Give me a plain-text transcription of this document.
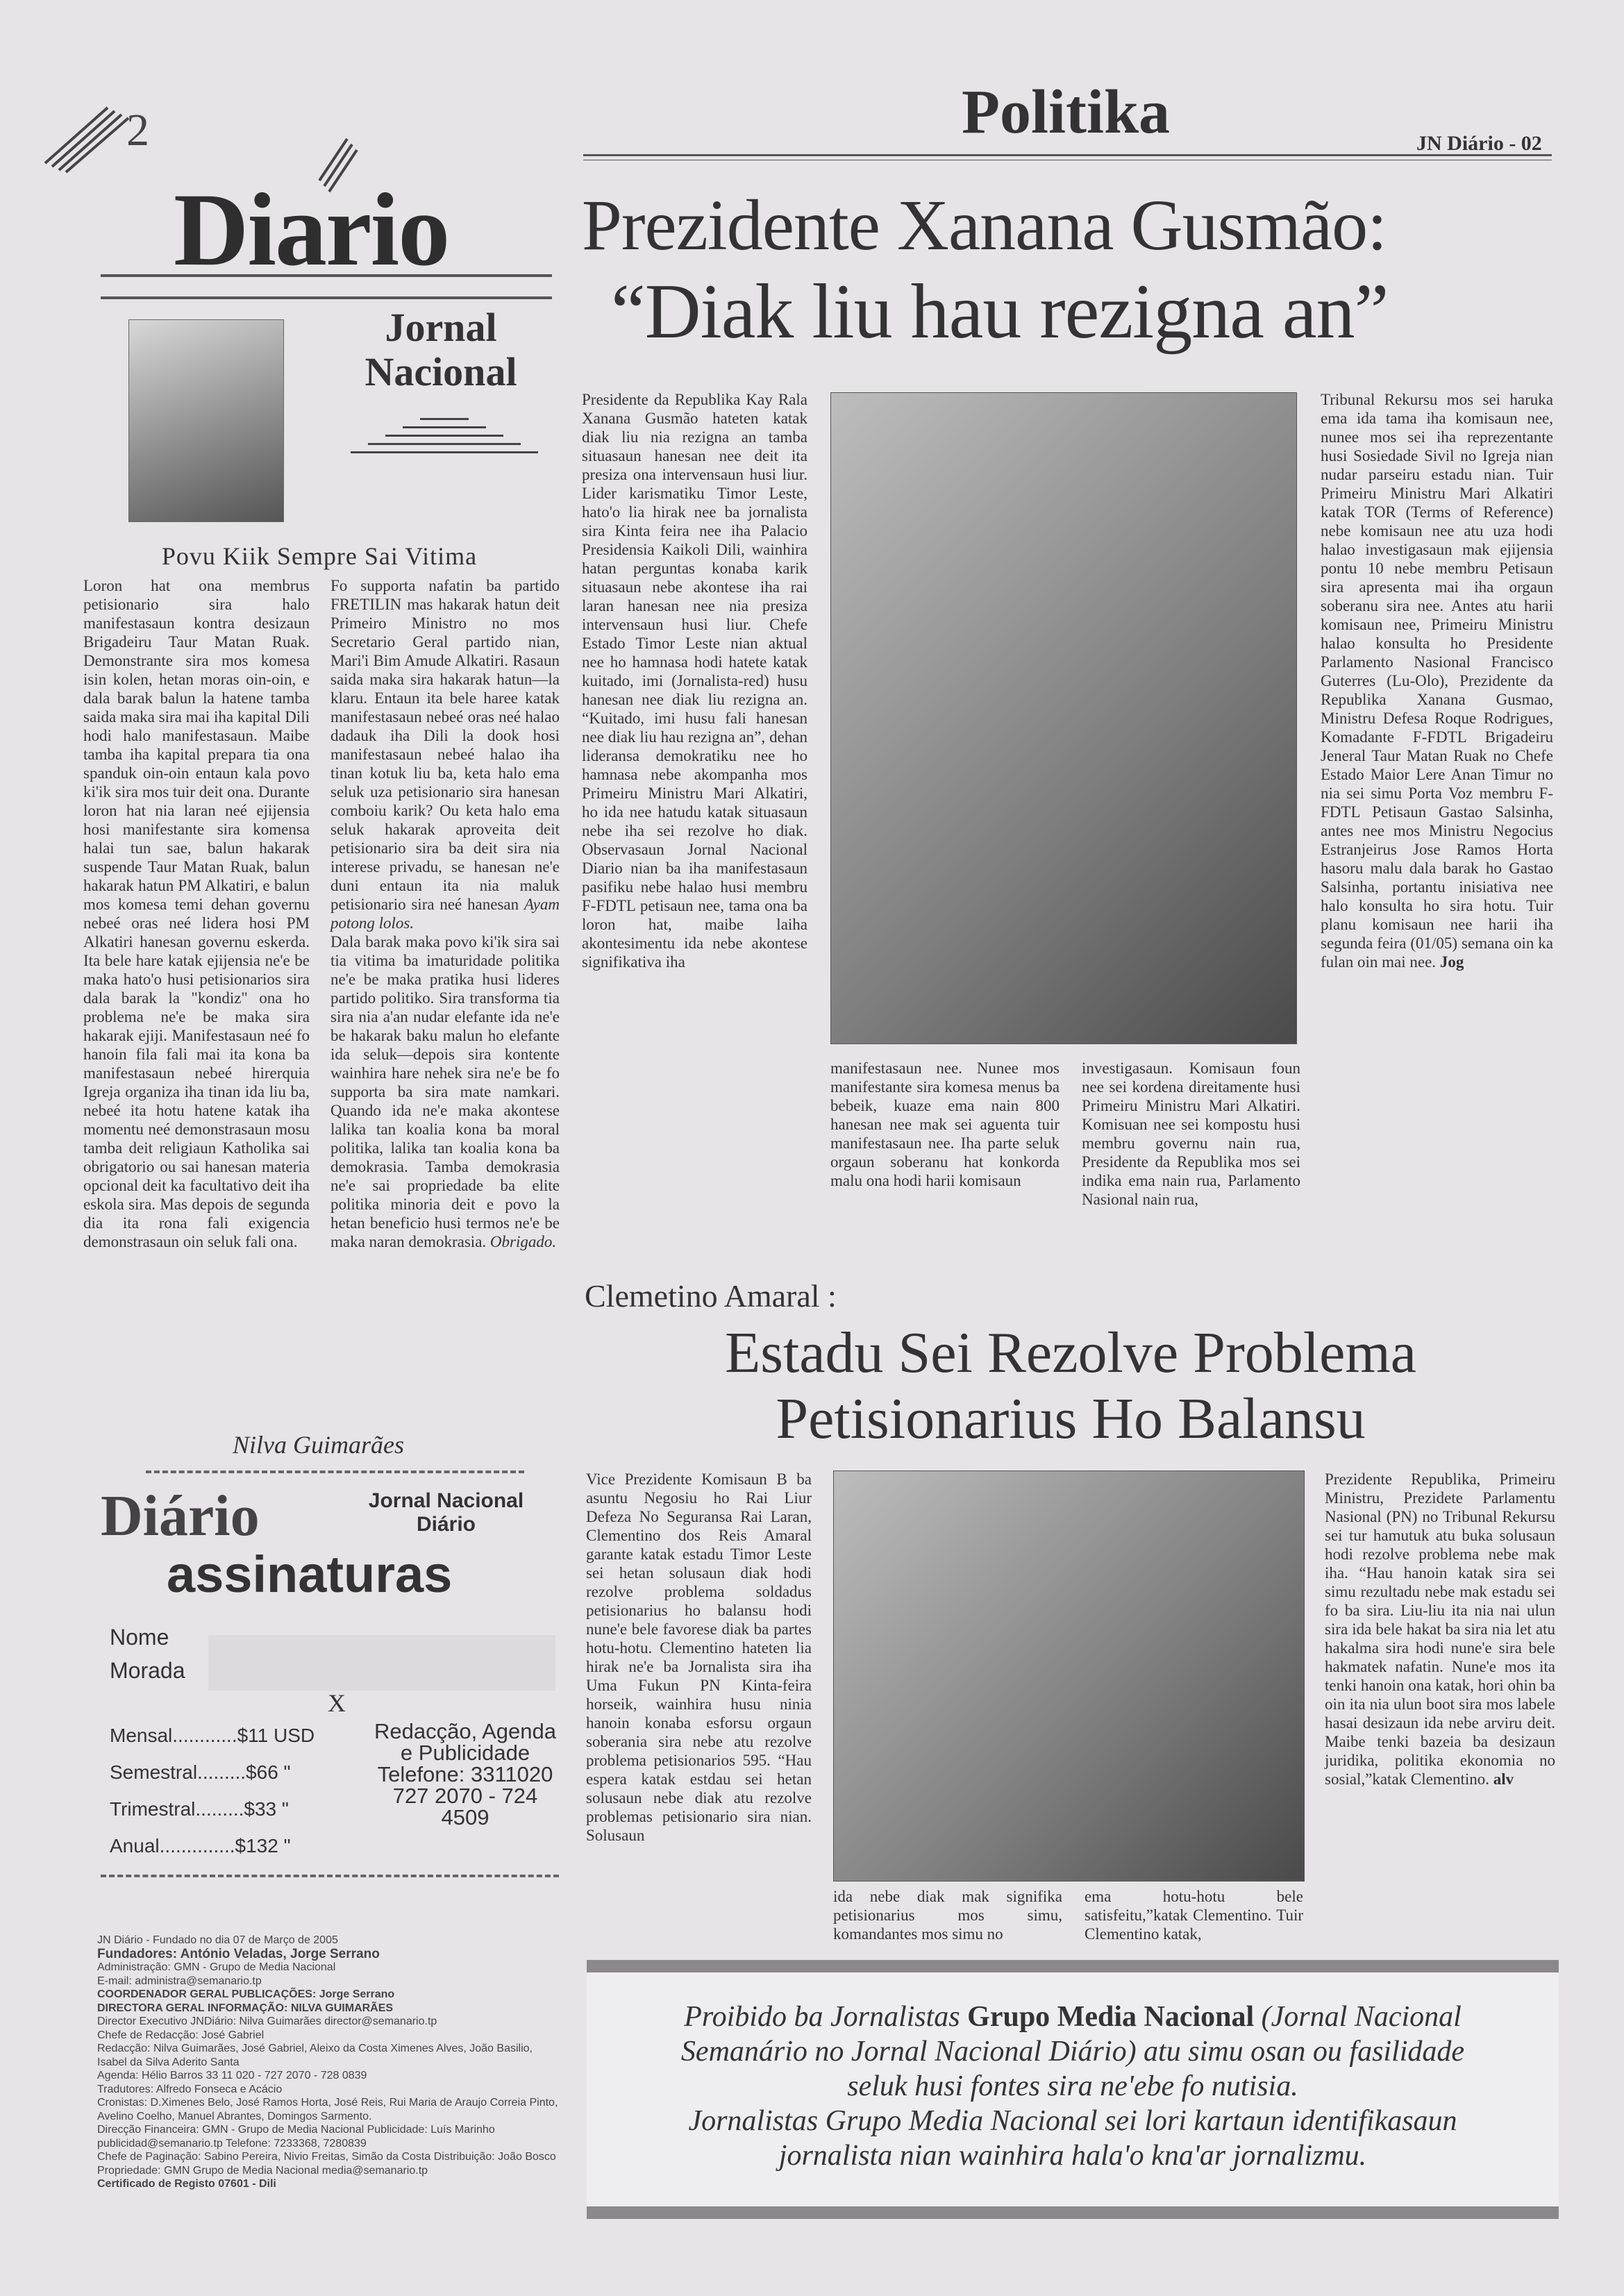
2	Politika	JN Diário - 02
Diario
Jornal Nacional
Povu Kiik Sempre Sai Vitima
Loron hat ona membrus petisionario sira halo manifestasaun kontra desizaun Brigadeiru Taur Matan Ruak. Demonstrante sira mos komesa isin kolen, hetan moras oin-oin, e dala barak balun la hatene tamba saida maka sira mai iha kapital Dili hodi halo manifestasaun. Maibe tamba iha kapital prepara tia ona spanduk oin-oin entaun kala povo ki'ik sira mos tuir deit ona. Durante loron hat nia laran neé ejijensia hosi manifestante sira komensa halai tun sae, balun hakarak suspende Taur Matan Ruak, balun hakarak hatun PM Alkatiri, e balun mos komesa temi dehan governu nebeé oras neé lidera hosi PM Alkatiri hanesan governu eskerda. Ita bele hare katak ejijensia ne'e be maka hato'o husi petisionarios sira dala barak la "kondiz" ona ho problema ne'e be maka sira hakarak ejiji. Manifestasaun neé fo hanoin fila fali mai ita kona ba manifestasaun nebeé hirerquia Igreja organiza iha tinan ida liu ba, nebeé ita hotu hatene katak iha momentu neé demonstrasaun mosu tamba deit religiaun Katholika sai obrigatorio ou sai hanesan materia opcional deit ka facultativo deit iha eskola sira. Mas depois de segunda dia ita rona fali exigencia demonstrasaun oin seluk fali ona.
Fo supporta nafatin ba partido FRETILIN mas hakarak hatun deit Primeiro Ministro no mos Secretario Geral partido nian, Mari'i Bim Amude Alkatiri. Rasaun saida maka sira hakarak hatun—la klaru. Entaun ita bele haree katak manifestasaun nebeé oras neé halao dadauk iha Dili la dook hosi manifestasaun nebeé halao iha tinan kotuk liu ba, keta halo ema seluk uza petisionario sira hanesan comboiu karik? Ou keta halo ema seluk hakarak aproveita deit petisionario sira ba deit sira nia interese privadu, se hanesan ne'e duni entaun ita nia maluk petisionario sira neé hanesan Ayam potong lolos.
Dala barak maka povo ki'ik sira sai tia vitima ba imaturidade politika ne'e be maka pratika husi lideres partido politiko. Sira transforma tia sira nia a'an nudar elefante ida ne'e be hakarak baku malun ho elefante ida seluk—depois sira kontente wainhira hare nehek sira ne'e be fo supporta ba sira mate namkari. Quando ida ne'e maka akontese lalika tan koalia kona ba moral politika, lalika tan koalia kona ba demokrasia. Tamba demokrasia ne'e sai propriedade ba elite politika minoria deit e povo la hetan beneficio husi termos ne'e be maka naran demokrasia. Obrigado.
Nilva Guimarães
Diário	Jornal Nacional Diário
assinaturas
Nome
Morada
X
Mensal............$11 USD
Semestral.........$66 "
Trimestral.........$33 "
Anual..............$132 "
Redacção, Agenda e Publicidade Telefone: 3311020 727 2070 - 724 4509
JN Diário - Fundado no dia 07 de Março de 2005
Fundadores: António Veladas, Jorge Serrano
Administração: GMN - Grupo de Media Nacional
E-mail: administra@semanario.tp
COORDENADOR GERAL PUBLICAÇÕES: Jorge Serrano
DIRECTORA GERAL INFORMAÇÃO: NILVA GUIMARÃES
Director Executivo JNDiário: Nilva Guimarães director@semanario.tp
Chefe de Redacção: José Gabriel
Redacção: Nilva Guimarães, José Gabriel, Aleixo da Costa Ximenes Alves, João Basilio, Isabel da Silva Aderito Santa
Agenda: Hélio Barros 33 11 020 - 727 2070 - 728 0839
Tradutores: Alfredo Fonseca e Acácio
Cronistas: D.Ximenes Belo, José Ramos Horta, José Reis, Rui Maria de Araujo Correia Pinto, Avelino Coelho, Manuel Abrantes, Domingos Sarmento.
Direcção Financeira: GMN - Grupo de Media Nacional Publicidade: Luís Marinho publicidad@semanario.tp Telefone: 7233368, 7280839
Chefe de Paginação: Sabino Pereira, Nivio Freitas, Simão da Costa Distribuição: João Bosco Propriedade: GMN Grupo de Media Nacional media@semanario.tp
Certificado de Registo 07601 - Dili
Prezidente Xanana Gusmão:
“Diak liu hau rezigna an”
Presidente da Republika Kay Rala Xanana Gusmão hateten katak diak liu nia rezigna an tamba situasaun hanesan nee deit ita presiza ona intervensaun husi liur. Lider karismatiku Timor Leste, hato'o lia hirak nee ba jornalista sira Kinta feira nee iha Palacio Presidensia Kaikoli Dili, wainhira hatan perguntas konaba karik situasaun nebe akontese iha rai laran hanesan nee nia presiza intervensaun husi liur. Chefe Estado Timor Leste nian aktual nee ho hamnasa hodi hatete katak kuitado, imi (Jornalista-red) husu hanesan nee diak liu rezigna an. “Kuitado, imi husu fali hanesan nee diak liu hau rezigna an”, dehan lideransa demokratiku nee ho hamnasa nebe akompanha mos Primeiru Ministru Mari Alkatiri, ho ida nee hatudu katak situasaun nebe iha sei rezolve ho diak. Observasaun Jornal Nacional Diario nian ba iha manifestasaun pasifiku nebe halao husi membru F-FDTL petisaun nee, tama ona ba loron hat, maibe laiha akontesimentu ida nebe akontese signifikativa iha
manifestasaun nee. Nunee mos manifestante sira komesa menus ba bebeik, kuaze ema nain 800 hanesan nee mak sei aguenta tuir manifestasaun nee. Iha parte seluk orgaun soberanu hat konkorda malu ona hodi harii komisaun
investigasaun. Komisaun foun nee sei kordena direitamente husi Primeiru Ministru Mari Alkatiri. Komisuan nee sei kompostu husi membru governu nain rua, Presidente da Republika mos sei indika ema nain rua, Parlamento Nasional nain rua,
Tribunal Rekursu mos sei haruka ema ida tama iha komisaun nee, nunee mos sei iha reprezentante husi Sosiedade Sivil no Igreja nian nudar parseiru estadu nian. Tuir Primeiru Ministru Mari Alkatiri katak TOR (Terms of Reference) nebe komisaun nee atu uza hodi halao investigasaun mak ejijensia pontu 10 nebe membru Petisaun sira apresenta mai iha orgaun soberanu sira nee. Antes atu harii komisaun nee, Primeiru Ministru halao konsulta ho Presidente Parlamento Nasional Francisco Guterres (Lu-Olo), Prezidente da Republika Xanana Gusmao, Ministru Defesa Roque Rodrigues, Komadante F-FDTL Brigadeiru Jeneral Taur Matan Ruak no Chefe Estado Maior Lere Anan Timur no nia sei simu Porta Voz membru F-FDTL Petisaun Gastao Salsinha, antes nee mos Ministru Negocius Estranjeirus Jose Ramos Horta hasoru malu dala barak ho Gastao Salsinha, portantu inisiativa nee halo konsulta ho sira hotu. Tuir planu komisaun nee harii iha segunda feira (01/05) semana oin ka fulan oin mai nee. Jog
Clemetino Amaral :
Estadu Sei Rezolve Problema
Petisionarius Ho Balansu
Vice Prezidente Komisaun B ba asuntu Negosiu ho Rai Liur Defeza No Seguransa Rai Laran, Clementino dos Reis Amaral garante katak estadu Timor Leste sei hetan solusaun diak hodi rezolve problema soldadus petisionarius ho balansu hodi nune'e bele favorese diak ba partes hotu-hotu. Clementino hateten lia hirak ne'e ba Jornalista sira iha Uma Fukun PN Kinta-feira horseik, wainhira husu ninia hanoin konaba esforsu orgaun soberania sira nebe atu rezolve problema petisionarios 595. “Hau espera katak estdau sei hetan solusaun nebe diak atu rezolve problemas petisionario sira nian. Solusaun
ida nebe diak mak signifika petisionarius mos simu, komandantes mos simu no
ema hotu-hotu bele satisfeitu,”katak Clementino. Tuir Clementino katak,
Prezidente Republika, Primeiru Ministru, Prezidete Parlamentu Nasional (PN) no Tribunal Rekursu sei tur hamutuk atu buka solusaun hodi rezolve problema nebe mak iha. “Hau hanoin katak sira sei simu rezultadu nebe mak estadu sei fo ba sira. Liu-liu ita nia nai ulun sira ida bele hakat ba sira nia let atu hakalma sira hodi nune'e sira bele hakmatek nafatin. Nune'e mos ita tenki hanoin ona katak, hori ohin ba oin ita nia ulun boot sira mos labele hasai desizaun ida nebe arviru deit. Maibe tenki bazeia ba desizaun juridika, politika ekonomia no sosial,”katak Clementino. alv
Proibido ba Jornalistas Grupo Media Nacional (Jornal Nacional
Semanário no Jornal Nacional Diário) atu simu osan ou fasilidade
seluk husi fontes sira ne'ebe fo nutisia.
Jornalistas Grupo Media Nacional sei lori kartaun identifikasaun
jornalista nian wainhira hala'o kna'ar jornalizmu.
